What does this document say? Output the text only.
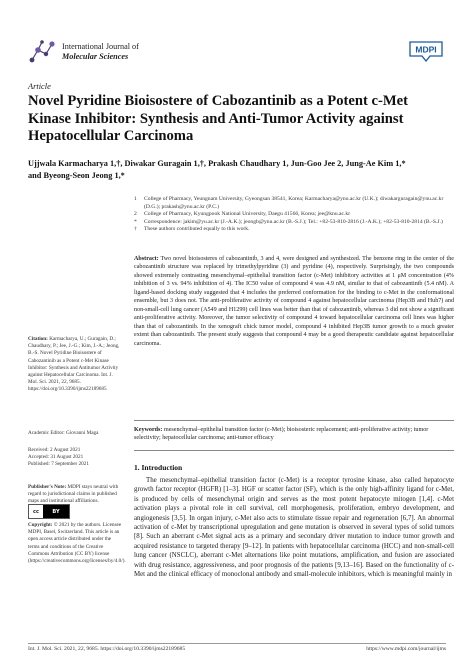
International Journal of
Molecular Sciences
MDPI
Article
Novel Pyridine Bioisostere of Cabozantinib as a Potent c-Met Kinase Inhibitor: Synthesis and Anti-Tumor Activity against Hepatocellular Carcinoma
Ujjwala Karmacharya 1,†, Diwakar Guragain 1,†, Prakash Chaudhary 1, Jun-Goo Jee 2, Jung-Ae Kim 1,*
and Byeong-Seon Jeong 1,*
1	College of Pharmacy, Yeungnam University, Gyeongsan 38541, Korea; Karmacharya@ynu.ac.kr (U.K.); diwakarguragain@ynu.ac.kr (D.G.); prakash@ynu.ac.kr (P.C.)
2	College of Pharmacy, Kyungpook National University, Daegu 41566, Korea; jee@knu.ac.kr
*	Correspondence: jakim@yu.ac.kr (J.-A.K.); jeongb@ynu.ac.kr (B.-S.J.); Tel.: +82-53-810-2816 (J.-A.K.); +82-53-810-2814 (B.-S.J.)
†	These authors contributed equally to this work.
Abstract: Two novel bioisosteres of cabozantinib, 3 and 4, were designed and synthesized. The benzene ring in the center of the cabozantinib structure was replaced by trimethylpyridine (3) and pyridine (4), respectively. Surprisingly, the two compounds showed extremely contrasting mesenchymal–epithelial transition factor (c-Met) inhibitory activities at 1 μM concentration (4% inhibition of 3 vs. 94% inhibition of 4). The IC50 value of compound 4 was 4.9 nM, similar to that of cabozantinib (5.4 nM). A ligand-based docking study suggested that 4 includes the preferred conformation for the binding to c-Met in the conformational ensemble, but 3 does not. The anti-proliferative activity of compound 4 against hepatocellular carcinoma (Hep3B and Huh7) and non-small-cell lung cancer (A549 and H1299) cell lines was better than that of cabozantinib, whereas 3 did not show a significant anti-proliferative activity. Moreover, the tumor selectivity of compound 4 toward hepatocellular carcinoma cell lines was higher than that of cabozantinib. In the xenograft chick tumor model, compound 4 inhibited Hep3B tumor growth to a much greater extent than cabozantinib. The present study suggests that compound 4 may be a good therapeutic candidate against hepatocellular carcinoma.
Keywords: mesenchymal–epithelial transition factor (c-Met); bioisosteric replacement; anti-proliferative activity; tumor selectivity; hepatocellular carcinoma; anti-tumor efficacy
1. Introduction
The mesenchymal–epithelial transition factor (c-Met) is a receptor tyrosine kinase, also called hepatocyte growth factor receptor (HGFR) [1–3]. HGF or scatter factor (SF), which is the only high-affinity ligand for c-Met, is produced by cells of mesenchymal origin and serves as the most potent hepatocyte mitogen [1,4]. c-Met activation plays a pivotal role in cell survival, cell morphogenesis, proliferation, embryo development, and angiogenesis [3,5]. In organ injury, c-Met also acts to stimulate tissue repair and regeneration [6,7]. An abnormal activation of c-Met by transcriptional upregulation and gene mutation is observed in several types of solid tumors [8]. Such an aberrant c-Met signal acts as a primary and secondary driver mutation to induce tumor growth and acquired resistance to targeted therapy [9–12]. In patients with hepatocellular carcinoma (HCC) and non-small-cell lung cancer (NSCLC), aberrant c-Met alternations like point mutations, amplification, and fusion are associated with drug resistance, aggressiveness, and poor prognosis of the patients [9,13–16]. Based on the functionality of c-Met and the clinical efficacy of monoclonal antibody and small-molecule inhibitors, which is meaningful mainly in
Citation: Karmacharya, U.; Guragain, D.; Chaudhary, P.; Jee, J.-G.; Kim, J.-A.; Jeong, B.-S. Novel Pyridine Bioisostere of Cabozantinib as a Potent c-Met Kinase Inhibitor: Synthesis and Antitumor Activity against Hepatocellular Carcinoma. Int. J. Mol. Sci. 2021, 22, 9685. https://doi.org/10.3390/ijms22189685
Academic Editor: Giovanni Maga
Received: 2 August 2021
Accepted: 31 August 2021
Published: 7 September 2021
Publisher's Note: MDPI stays neutral with regard to jurisdictional claims in published maps and institutional affiliations.
cc	BY
Copyright: © 2021 by the authors. Licensee MDPI, Basel, Switzerland. This article is an open access article distributed under the terms and conditions of the Creative Commons Attribution (CC BY) license (https://creativecommons.org/licenses/by/4.0/).
Int. J. Mol. Sci. 2021, 22, 9685. https://doi.org/10.3390/ijms22189685	https://www.mdpi.com/journal/ijms
